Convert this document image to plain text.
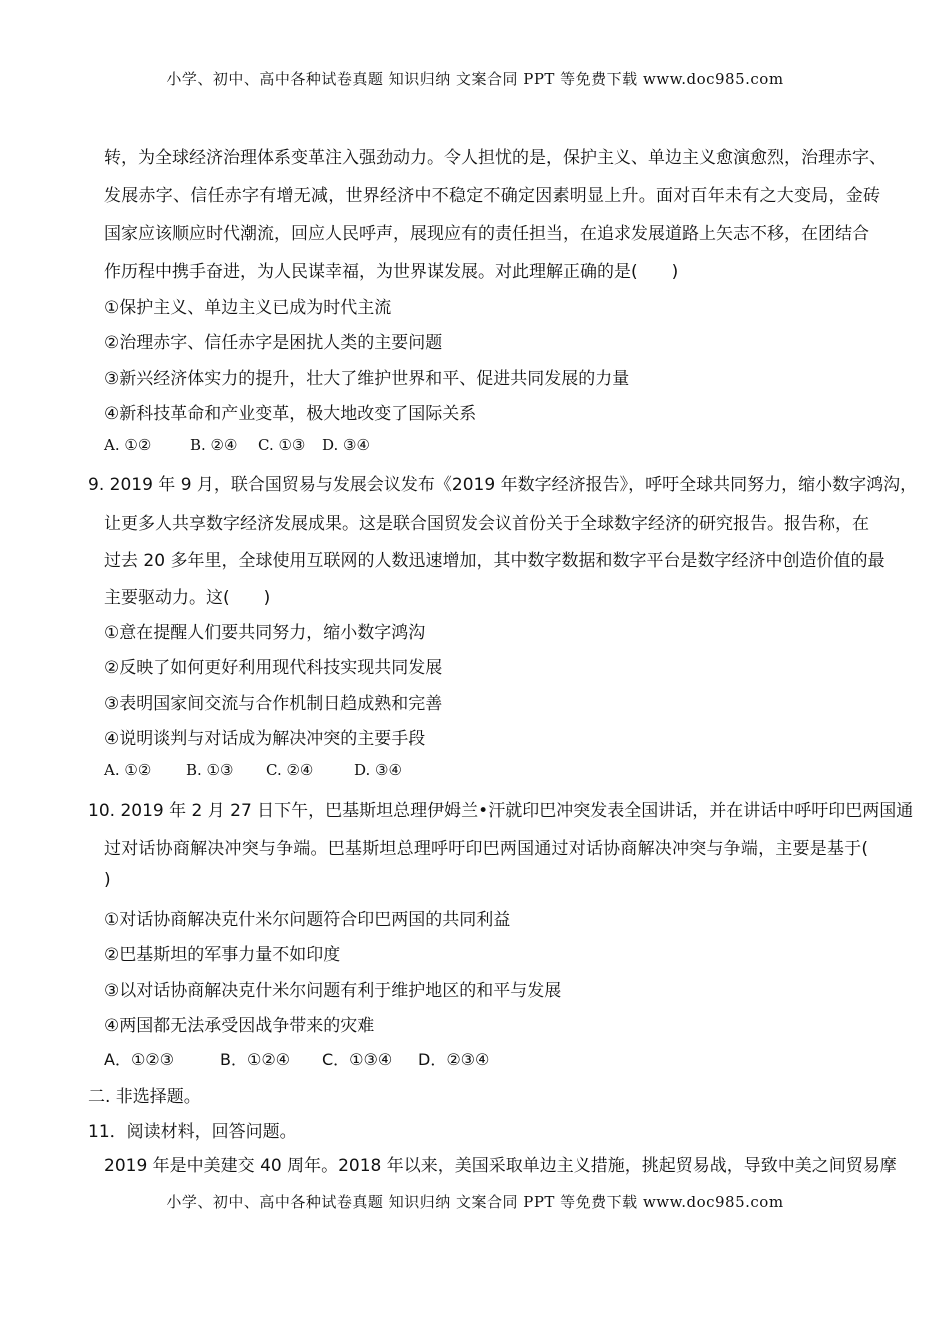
小学、初中、高中各种试卷真题 知识归纳 文案合同 PPT 等免费下载 www.doc985.com
转，为全球经济治理体系变革注入强劲动力。令人担忧的是，保护主义、单边主义愈演愈烈，治理赤字、
发展赤字、信任赤字有增无减，世界经济中不稳定不确定因素明显上升。面对百年未有之大变局，金砖
国家应该顺应时代潮流，回应人民呼声，展现应有的责任担当，在追求发展道路上矢志不移，在团结合
作历程中携手奋进，为人民谋幸福，为世界谋发展。对此理解正确的是(　　)
①保护主义、单边主义已成为时代主流
②治理赤字、信任赤字是困扰人类的主要问题
③新兴经济体实力的提升，壮大了维护世界和平、促进共同发展的力量
④新科技革命和产业变革，极大地改变了国际关系
A. ①②	B. ②④ C. ①③ D. ③④
9. 2019 年 9 月，联合国贸易与发展会议发布《2019 年数字经济报告》，呼吁全球共同努力，缩小数字鸿沟，
让更多人共享数字经济发展成果。这是联合国贸发会议首份关于全球数字经济的研究报告。报告称，在
过去 20 多年里，全球使用互联网的人数迅速增加，其中数字数据和数字平台是数字经济中创造价值的最
主要驱动力。这(　　)
①意在提醒人们要共同努力，缩小数字鸿沟
②反映了如何更好利用现代科技实现共同发展
③表明国家间交流与合作机制日趋成熟和完善
④说明谈判与对话成为解决冲突的主要手段
A. ①② B. ①③ C. ②④	D. ③④
10. 2019 年 2 月 27 日下午，巴基斯坦总理伊姆兰•汗就印巴冲突发表全国讲话，并在讲话中呼吁印巴两国通
过对话协商解决冲突与争端。巴基斯坦总理呼吁印巴两国通过对话协商解决冲突与争端，主要是基于(
)
①对话协商解决克什米尔问题符合印巴两国的共同利益
②巴基斯坦的军事力量不如印度
③以对话协商解决克什米尔问题有利于维护地区的和平与发展
④两国都无法承受因战争带来的灾难
A．①②③	B．①②④ C．①③④ D．②③④
二. 非选择题。
11．阅读材料，回答问题。
2019 年是中美建交 40 周年。2018 年以来，美国采取单边主义措施，挑起贸易战，导致中美之间贸易摩
小学、初中、高中各种试卷真题 知识归纳 文案合同 PPT 等免费下载 www.doc985.com
